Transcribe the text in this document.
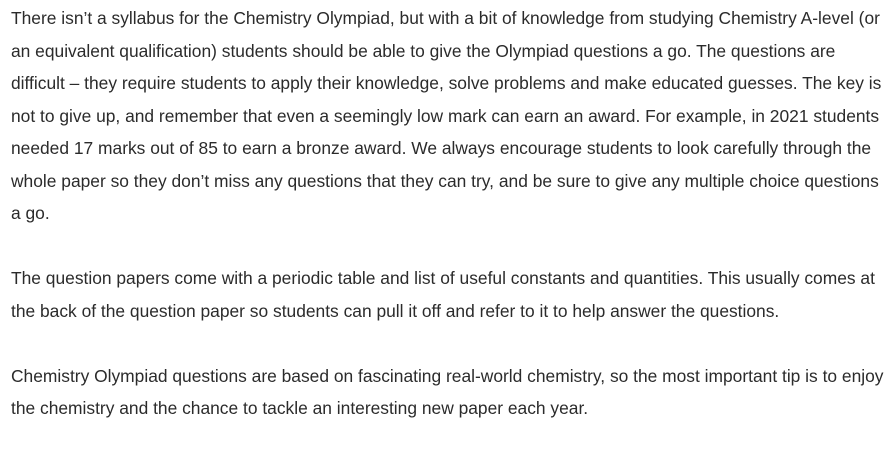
There isn’t a syllabus for the Chemistry Olympiad, but with a bit of knowledge from studying Chemistry A-level (or an equivalent qualification) students should be able to give the Olympiad questions a go. The questions are difficult – they require students to apply their knowledge, solve problems and make educated guesses. The key is not to give up, and remember that even a seemingly low mark can earn an award. For example, in 2021 students needed 17 marks out of 85 to earn a bronze award. We always encourage students to look carefully through the whole paper so they don’t miss any questions that they can try, and be sure to give any multiple choice questions a go.

The question papers come with a periodic table and list of useful constants and quantities. This usually comes at the back of the question paper so students can pull it off and refer to it to help answer the questions.

Chemistry Olympiad questions are based on fascinating real-world chemistry, so the most important tip is to enjoy the chemistry and the chance to tackle an interesting new paper each year.
